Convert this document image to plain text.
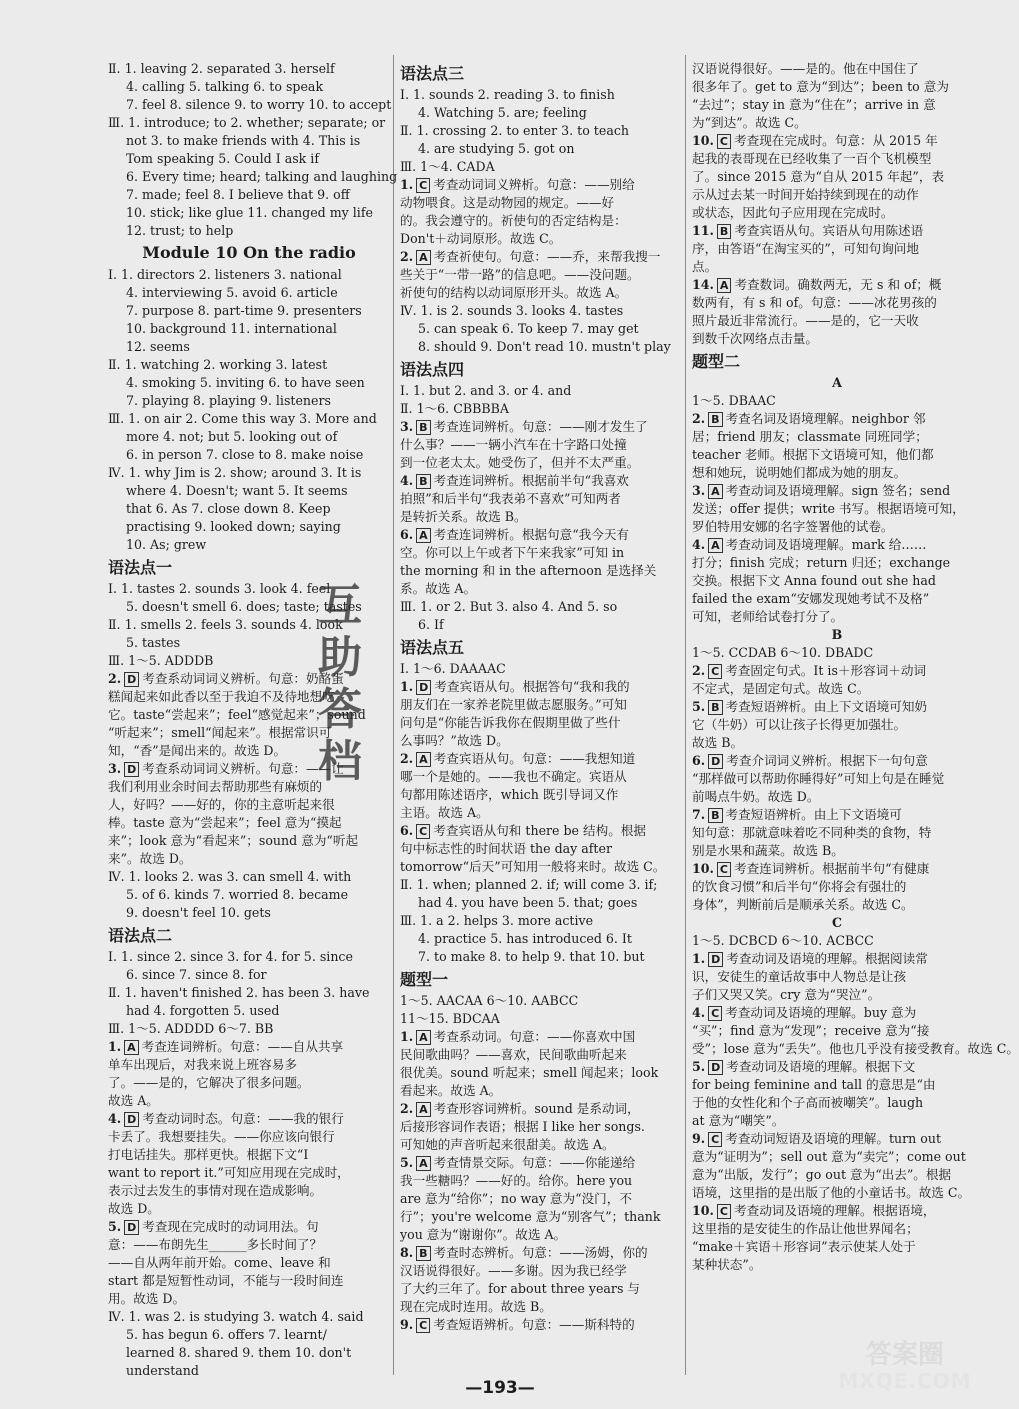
Ⅱ. 1. leaving 2. separated 3. herself
4. calling 5. talking 6. to speak
7. feel 8. silence 9. to worry 10. to accept
Ⅲ. 1. introduce; to 2. whether; separate; or
not 3. to make friends with 4. This is
Tom speaking 5. Could I ask if
6. Every time; heard; talking and laughing
7. made; feel 8. I believe that 9. off
10. stick; like glue 11. changed my life
12. trust; to help
Module 10 On the radio
Ⅰ. 1. directors 2. listeners 3. national
4. interviewing 5. avoid 6. article
7. purpose 8. part-time 9. presenters
10. background 11. international
12. seems
Ⅱ. 1. watching 2. working 3. latest
4. smoking 5. inviting 6. to have seen
7. playing 8. playing 9. listeners
Ⅲ. 1. on air 2. Come this way 3. More and
more 4. not; but 5. looking out of
6. in person 7. close to 8. make noise
Ⅳ. 1. why Jim is 2. show; around 3. It is
where 4. Doesn't; want 5. It seems
that 6. As 7. close down 8. Keep
practising 9. looked down; saying
10. As; grew
语法点一
Ⅰ. 1. tastes 2. sounds 3. look 4. feel
5. doesn't smell 6. does; taste; tastes
Ⅱ. 1. smells 2. feels 3. sounds 4. look
5. tastes
Ⅲ. 1～5. ADDDB
2. D 考查系动词词义辨析。句意：奶酪蛋
糕闻起来如此香以至于我迫不及待地想吃
它。taste“尝起来”；feel“感觉起来”；sound
“听起来”；smell“闻起来”。根据常识可
知，“香”是闻出来的。故选 D。
3. D 考查系动词词义辨析。句意：——让
我们利用业余时间去帮助那些有麻烦的
人，好吗？——好的，你的主意听起来很
棒。taste 意为“尝起来”；feel 意为“摸起
来”；look 意为“看起来”；sound 意为“听起
来”。故选 D。
Ⅳ. 1. looks 2. was 3. can smell 4. with
5. of 6. kinds 7. worried 8. became
9. doesn't feel 10. gets
语法点二
Ⅰ. 1. since 2. since 3. for 4. for 5. since
6. since 7. since 8. for
Ⅱ. 1. haven't finished 2. has been 3. have
had 4. forgotten 5. used
Ⅲ. 1～5. ADDDD 6～7. BB
1. A 考查连词辨析。句意：——自从共享
单车出现后，对我来说上班容易多
了。——是的，它解决了很多问题。
故选 A。
4. D 考查动词时态。句意：——我的银行
卡丢了。我想要挂失。——你应该向银行
打电话挂失。那样更快。根据下文“I
want to report it.”可知应用现在完成时，
表示过去发生的事情对现在造成影响。
故选 D。
5. D 考查现在完成时的动词用法。句
意：——布朗先生______多长时间了？
——自从两年前开始。come、leave 和
start 都是短暂性动词，不能与一段时间连
用。故选 D。
Ⅳ. 1. was 2. is studying 3. watch 4. said
5. has begun 6. offers 7. learnt/
learned 8. shared 9. them 10. don't
understand
语法点三
Ⅰ. 1. sounds 2. reading 3. to finish
4. Watching 5. are; feeling
Ⅱ. 1. crossing 2. to enter 3. to teach
4. are studying 5. got on
Ⅲ. 1～4. CADA
1. C 考查动词词义辨析。句意：——别给
动物喂食。这是动物园的规定。——好
的。我会遵守的。祈使句的否定结构是：
Don't＋动词原形。故选 C。
2. A 考查祈使句。句意：——乔，来帮我搜一
些关于“一带一路”的信息吧。——没问题。
祈使句的结构以动词原形开头。故选 A。
Ⅳ. 1. is 2. sounds 3. looks 4. tastes
5. can speak 6. To keep 7. may get
8. should 9. Don't read 10. mustn't play
语法点四
Ⅰ. 1. but 2. and 3. or 4. and
Ⅱ. 1～6. CBBBBA
3. B 考查连词辨析。句意：——刚才发生了
什么事？——一辆小汽车在十字路口处撞
到一位老太太。她受伤了，但并不太严重。
4. B 考查连词辨析。根据前半句“我喜欢
拍照”和后半句“我表弟不喜欢”可知两者
是转折关系。故选 B。
6. A 考查连词辨析。根据句意“我今天有
空。你可以上午或者下午来我家”可知 in
the morning 和 in the afternoon 是选择关
系。故选 A。
Ⅲ. 1. or 2. But 3. also 4. And 5. so
6. If
语法点五
Ⅰ. 1～6. DAAAAC
1. D 考查宾语从句。根据答句“我和我的
朋友们在一家养老院里做志愿服务。”可知
问句是“你能告诉我你在假期里做了些什
么事吗？”故选 D。
2. A 考查宾语从句。句意：——我想知道
哪一个是她的。——我也不确定。宾语从
句都用陈述语序，which 既引导词又作
主语。故选 A。
6. C 考查宾语从句和 there be 结构。根据
句中标志性的时间状语 the day after
tomorrow“后天”可知用一般将来时。故选 C。
Ⅱ. 1. when; planned 2. if; will come 3. if;
had 4. you have been 5. that; goes
Ⅲ. 1. a 2. helps 3. more active
4. practice 5. has introduced 6. It
7. to make 8. to help 9. that 10. but
题型一
1～5. AACAA 6～10. AABCC
11～15. BDCAA
1. A 考查系动词。句意：——你喜欢中国
民间歌曲吗？——喜欢，民间歌曲听起来
很优美。sound 听起来；smell 闻起来；look
看起来。故选 A。
2. A 考查形容词辨析。sound 是系动词，
后接形容词作表语；根据 I like her songs.
可知她的声音听起来很甜美。故选 A。
5. A 考查情景交际。句意：——你能递给
我一些糖吗？——好的。给你。here you
are 意为“给你”；no way 意为“没门，不
行”；you're welcome 意为“别客气”；thank
you 意为“谢谢你”。故选 A。
8. B 考查时态辨析。句意：——汤姆，你的
汉语说得很好。——多谢。因为我已经学
了大约三年了。for about three years 与
现在完成时连用。故选 B。
9. C 考查短语辨析。句意：——斯科特的
汉语说得很好。——是的。他在中国住了
很多年了。get to 意为“到达”；been to 意为
“去过”；stay in 意为“住在”；arrive in 意
为“到达”。故选 C。
10. C 考查现在完成时。句意：从 2015 年
起我的表哥现在已经收集了一百个飞机模型
了。since 2015 意为“自从 2015 年起”，表
示从过去某一时间开始持续到现在的动作
或状态，因此句子应用现在完成时。
11. B 考查宾语从句。宾语从句用陈述语
序，由答语“在淘宝买的”，可知句询问地
点。
14. A 考查数词。确数两无，无 s 和 of；概
数两有，有 s 和 of。句意：——冰花男孩的
照片最近非常流行。——是的，它一天收
到数千次网络点击量。
题型二
A
1～5. DBAAC
2. B 考查名词及语境理解。neighbor 邻
居；friend 朋友；classmate 同班同学；
teacher 老师。根据下文语境可知，他们都
想和她玩，说明她们都成为她的朋友。
3. A 考查动词及语境理解。sign 签名；send
发送；offer 提供；write 书写。根据语境可知，
罗伯特用安娜的名字签署他的试卷。
4. A 考查动词及语境理解。mark 给……
打分；finish 完成；return 归还；exchange
交换。根据下文 Anna found out she had
failed the exam“安娜发现她考试不及格”
可知，老师给试卷打分了。
B
1～5. CCDAB 6～10. DBADC
2. C 考查固定句式。It is＋形容词＋动词
不定式，是固定句式。故选 C。
5. B 考查短语辨析。由上下文语境可知奶
它（牛奶）可以让孩子长得更加强壮。
故选 B。
6. D 考查介词词义辨析。根据下一句句意
“那样做可以帮助你睡得好”可知上句是在睡觉
前喝点牛奶。故选 D。
7. B 考查短语辨析。由上下文语境可
知句意：那就意味着吃不同种类的食物，特
别是水果和蔬菜。故选 B。
10. C 考查连词辨析。根据前半句“有健康
的饮食习惯”和后半句“你将会有强壮的
身体”，判断前后是顺承关系。故选 C。
C
1～5. DCBCD 6～10. ACBCC
1. D 考查动词及语境的理解。根据阅读常
识，安徒生的童话故事中人物总是让孩
子们又哭又笑。cry 意为“哭泣”。
4. C 考查动词及语境的理解。buy 意为
“买”；find 意为“发现”；receive 意为“接
受”；lose 意为“丢失”。他也几乎没有接受教育。故选 C。
5. D 考查动词及语境的理解。根据下文
for being feminine and tall 的意思是“由
于他的女性化和个子高而被嘲笑”。laugh
at 意为“嘲笑”。
9. C 考查动词短语及语境的理解。turn out
意为“证明为”；sell out 意为“卖完”；come out
意为“出版，发行”；go out 意为“出去”。根据
语境，这里指的是出版了他的小童话书。故选 C。
10. C 考查动词及语境的理解。根据语境，
这里指的是安徒生的作品让他世界闻名；
“make＋宾语＋形容词”表示使某人处于
某种状态”。
互
助
答
档
—193—
答案圈
MXQE.COM
